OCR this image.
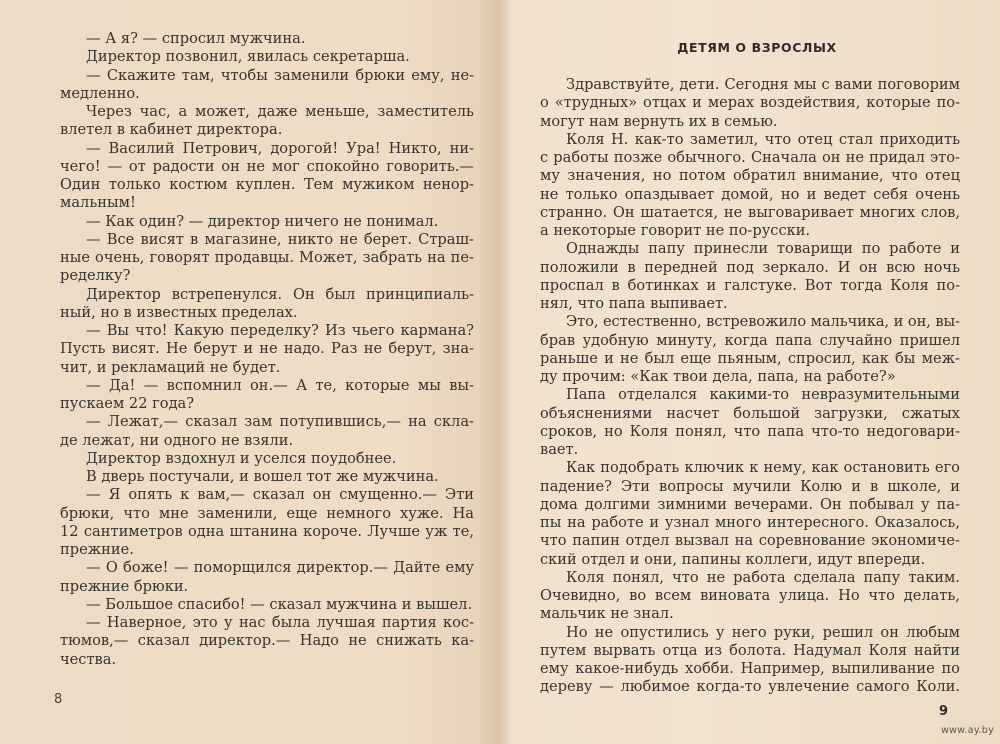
— А я? — спросил мужчина.
Директор позвонил, явилась секретарша.
— Скажите там, чтобы заменили брюки ему, не-
медленно.
Через час, а может, даже меньше, заместитель
влетел в кабинет директора.
— Василий Петрович, дорогой! Ура! Никто, ни-
чего! — от радости он не мог спокойно говорить.—
Один только костюм куплен. Тем мужиком ненор-
мальным!
— Как один? — директор ничего не понимал.
— Все висят в магазине, никто не берет. Страш-
ные очень, говорят продавцы. Может, забрать на пе-
ределку?
Директор встрепенулся. Он был принципиаль-
ный, но в известных пределах.
— Вы что! Какую переделку? Из чьего кармана?
Пусть висят. Не берут и не надо. Раз не берут, зна-
чит, и рекламаций не будет.
— Да! — вспомнил он.— А те, которые мы вы-
пускаем 22 года?
— Лежат,— сказал зам потупившись,— на скла-
де лежат, ни одного не взяли.
Директор вздохнул и уселся поудобнее.
В дверь постучали, и вошел тот же мужчина.
— Я опять к вам,— сказал он смущенно.— Эти
брюки, что мне заменили, еще немного хуже. На
12 сантиметров одна штанина короче. Лучше уж те,
прежние.
— О боже! — поморщился директор.— Дайте ему
прежние брюки.
— Большое спасибо! — сказал мужчина и вышел.
— Наверное, это у нас была лучшая партия кос-
тюмов,— сказал директор.— Надо не снижать ка-
чества.
8
ДЕТЯМ О ВЗРОСЛЫХ
Здравствуйте, дети. Сегодня мы с вами поговорим
о «трудных» отцах и мерах воздействия, которые по-
могут нам вернуть их в семью.
Коля Н. как-то заметил, что отец стал приходить
с работы позже обычного. Сначала он не придал это-
му значения, но потом обратил внимание, что отец
не только опаздывает домой, но и ведет себя очень
странно. Он шатается, не выговаривает многих слов,
а некоторые говорит не по-русски.
Однажды папу принесли товарищи по работе и
положили в передней под зеркало. И он всю ночь
проспал в ботинках и галстуке. Вот тогда Коля по-
нял, что папа выпивает.
Это, естественно, встревожило мальчика, и он, вы-
брав удобную минуту, когда папа случайно пришел
раньше и не был еще пьяным, спросил, как бы меж-
ду прочим: «Как твои дела, папа, на работе?»
Папа отделался какими-то невразумительными
объяснениями насчет большой загрузки, сжатых
сроков, но Коля понял, что папа что-то недоговари-
вает.
Как подобрать ключик к нему, как остановить его
падение? Эти вопросы мучили Колю и в школе, и
дома долгими зимними вечерами. Он побывал у па-
пы на работе и узнал много интересного. Оказалось,
что папин отдел вызвал на соревнование экономиче-
ский отдел и они, папины коллеги, идут впереди.
Коля понял, что не работа сделала папу таким.
Очевидно, во всем виновата улица. Но что делать,
мальчик не знал.
Но не опустились у него руки, решил он любым
путем вырвать отца из болота. Надумал Коля найти
ему какое-нибудь хобби. Например, выпиливание по
дереву — любимое когда-то увлечение самого Коли.
9
www.ay.by
